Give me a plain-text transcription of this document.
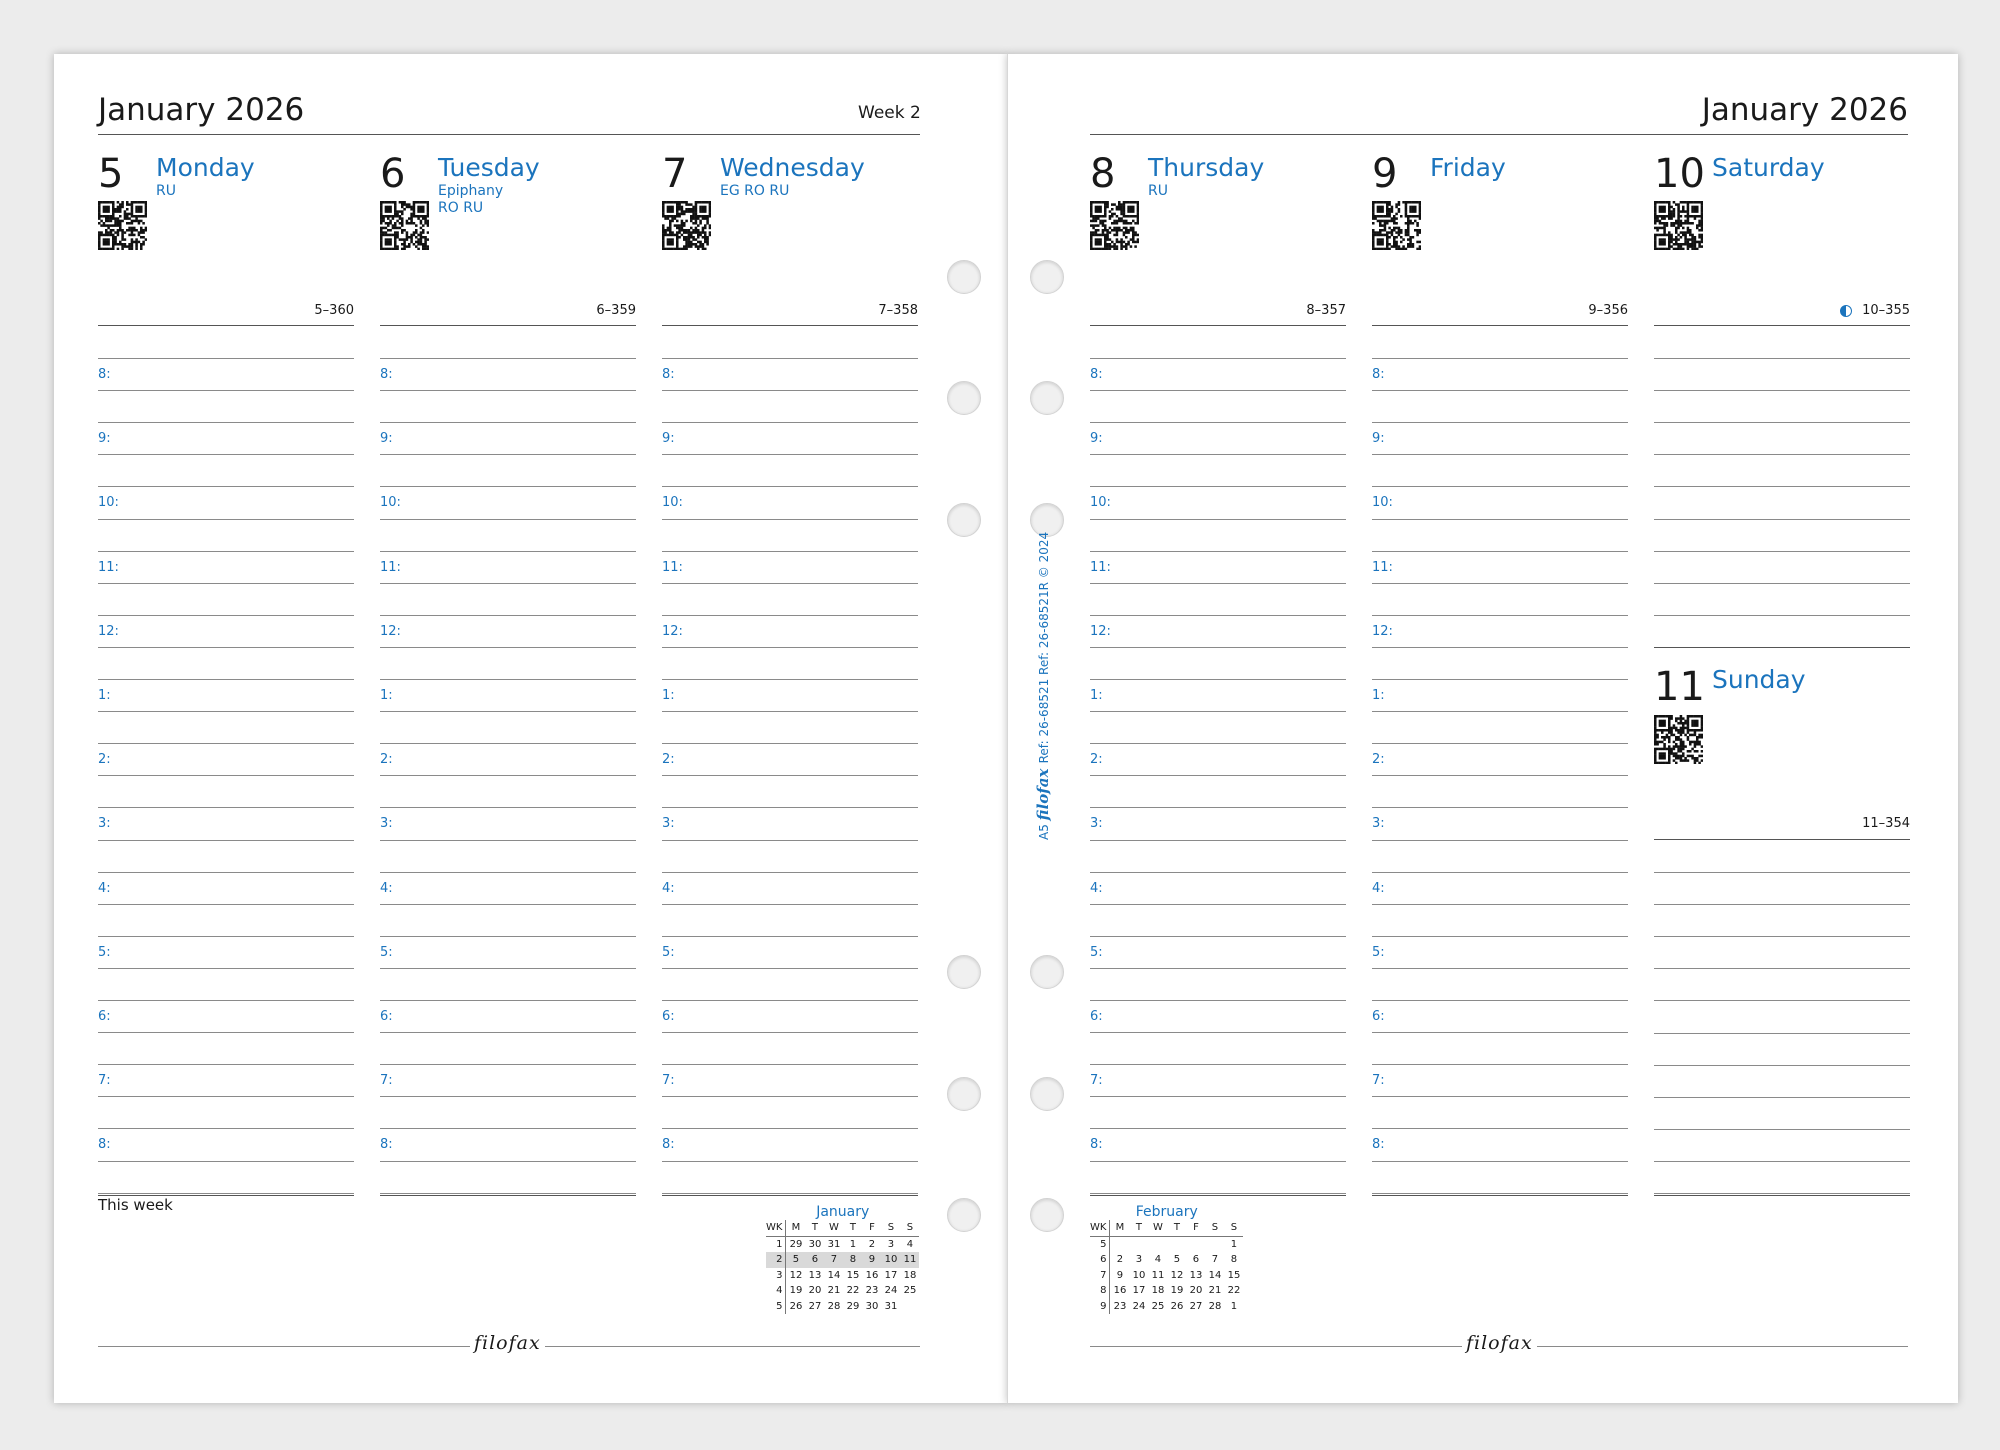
January 2026	Week 2	January 2026
5 Monday
RU
5–360
8:
9:
10:
11:
12:
1:
2:
3:
4:
5:
6:
7:
8:
6 Tuesday
Epiphany
RO RU
6–359
8:
9:
10:
11:
12:
1:
2:
3:
4:
5:
6:
7:
8:
7 Wednesday
EG RO RU
7–358
8:
9:
10:
11:
12:
1:
2:
3:
4:
5:
6:
7:
8:
8 Thursday
RU
8–357
8:
9:
10:
11:
12:
1:
2:
3:
4:
5:
6:
7:
8:
9 Friday
9–356
8:
9:
10:
11:
12:
1:
2:
3:
4:
5:
6:
7:
8:
10 Saturday
10–355
11 Sunday
11–354
This week	January
WK	M	T	W	T	F	S	S
1	29	30	31	1	2	3	4
2	5	6	7	8	9	10	11
3	12	13	14	15	16	17	18
4	19	20	21	22	23	24	25
5	26	27	28	29	30	31	
February
WK	M	T	W	T	F	S	S
5							1
6	2	3	4	5	6	7	8
7	9	10	11	12	13	14	15
8	16	17	18	19	20	21	22
9	23	24	25	26	27	28	1
filofax	filofax
A5 filofax Ref: 26-68521 Ref: 26-68521R © 2024
